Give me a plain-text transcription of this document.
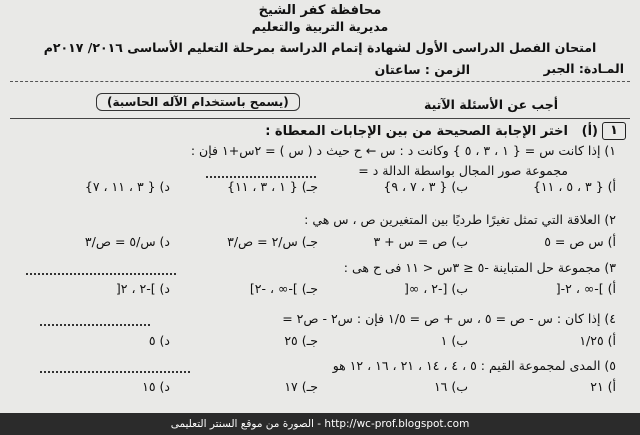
محافظة كفر الشيخ
مديرية التربية والتعليم
امتحان الفصل الدراسى الأول لشهادة إتمام الدراسة بمرحلة التعليم الأساسى ٢٠١٦/ ٢٠١٧م
المـادة: الجبر
الزمن : ساعتان
أجب عن الأسئلة الآتية
(يسمح باستخدام الآله الحاسبة)
١
(أ)
اختر الإجابة الصحيحة من بين الإجابات المعطاة :
١) إذا كانت س = { ١ ، ٣ ، ٥ } وكانت د : س ← ح حيث د ( س ) = ٢س+١ فإن :
مجموعة صور المجال بواسطة الدالة د =
أ) { ٣ ، ٥ ، ١١}
ب) { ٣ ، ٧ ، ٩}
جـ) { ١ ، ٣ ، ١١}
د) { ٣ ، ١١ ، ٧}
٢) العلاقة التي تمثل تغيرًا طرديًا بين المتغيرين ص ، س هي :
أ) س ص = ٥
ب) ص = س + ٣
جـ) س/٢ = ص/٣
د) س/٥ = ص/٣
٣) مجموعة حل المتباينة -٥ ≤ ٣س < ١١ فى ح هى :
أ) ]-∞ ، ٢-[
ب) [-٢ ، ∞[
جـ) ]-∞ ، -٢]
د) ]-٢ ، ٢[
٤) إذا كان : س - ص = ٥ ، س + ص = ١/٥ فإن : س٢ - ص٢ =
أ) ١/٢٥
ب) ١
جـ) ٢٥
د) ٥
٥) المدى لمجموعة القيم : ٥ ، ٤ ، ١٤ ، ٢١ ، ١٦ ، ١٢ هو
أ) ٢١
ب) ١٦
جـ) ١٧
د) ١٥
الصورة من موقع السنتر التعليمى - http://wc-prof.blogspot.com
